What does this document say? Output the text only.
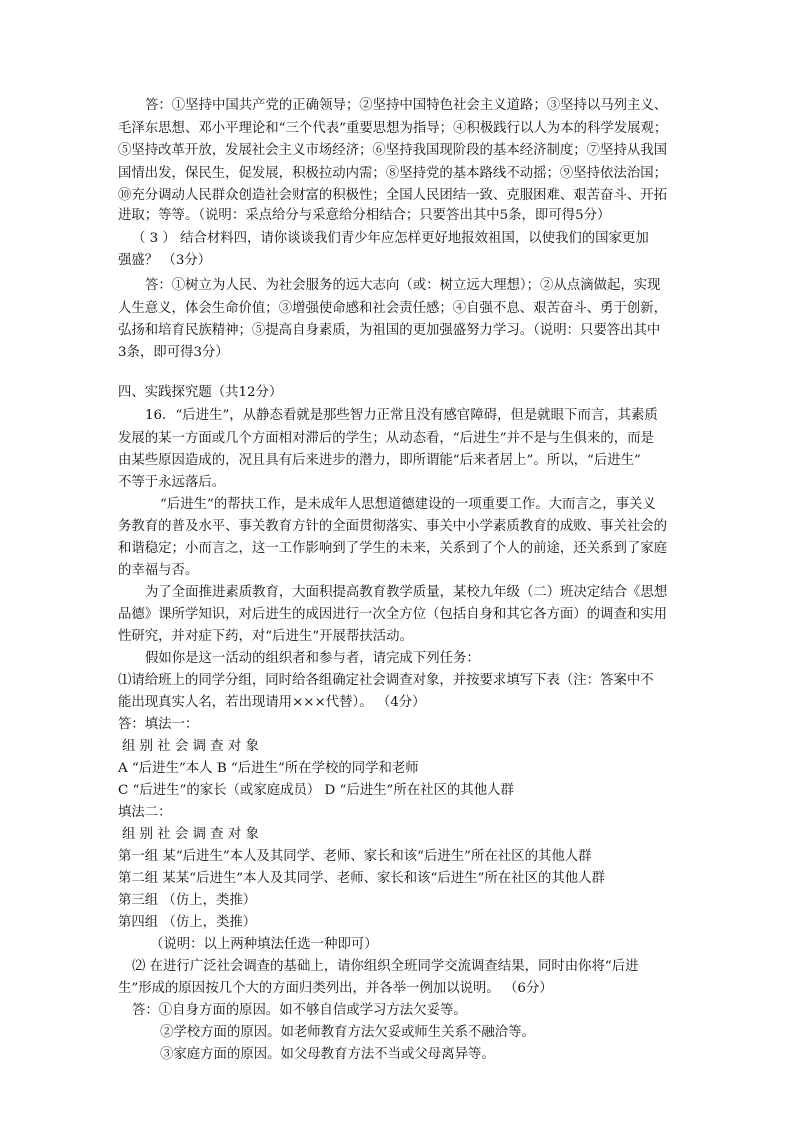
答：①坚持中国共产党的正确领导；②坚持中国特色社会主义道路；③坚持以马列主义、
毛泽东思想、邓小平理论和“三个代表”重要思想为指导；④积极践行以人为本的科学发展观；
⑤坚持改革开放，发展社会主义市场经济；⑥坚持我国现阶段的基本经济制度；⑦坚持从我国
国情出发，保民生，促发展，积极拉动内需；⑧坚持党的基本路线不动摇；⑨坚持依法治国；
⑩充分调动人民群众创造社会财富的积极性；全国人民团结一致、克服困难、艰苦奋斗、开拓
进取；等等。（说明：采点给分与采意给分相结合；只要答出其中5条，即可得5分）
（ 3 ） 结合材料四，请你谈谈我们青少年应怎样更好地报效祖国，以使我们的国家更加
强盛？ （3分）
答：①树立为人民、为社会服务的远大志向（或：树立远大理想）；②从点滴做起，实现
人生意义，体会生命价值；③增强使命感和社会责任感；④自强不息、艰苦奋斗、勇于创新，
弘扬和培育民族精神；⑤提高自身素质，为祖国的更加强盛努力学习。（说明：只要答出其中
3条，即可得3分）
四、实践探究题（共12分）
16．“后进生”，从静态看就是那些智力正常且没有感官障碍，但是就眼下而言，其素质
发展的某一方面或几个方面相对滞后的学生；从动态看，“后进生”并不是与生俱来的，而是
由某些原因造成的，况且具有后来进步的潜力，即所谓能“后来者居上”。所以，“后进生”
不等于永远落后。
“后进生”的帮扶工作，是未成年人思想道德建设的一项重要工作。大而言之，事关义
务教育的普及水平、事关教育方针的全面贯彻落实、事关中小学素质教育的成败、事关社会的
和谐稳定；小而言之，这一工作影响到了学生的未来，关系到了个人的前途，还关系到了家庭
的幸福与否。
为了全面推进素质教育，大面积提高教育教学质量，某校九年级（二）班决定结合《思想
品德》课所学知识，对后进生的成因进行一次全方位（包括自身和其它各方面）的调查和实用
性研究，并对症下药，对“后进生”开展帮扶活动。
假如你是这一活动的组织者和参与者，请完成下列任务：
⑴请给班上的同学分组，同时给各组确定社会调查对象，并按要求填写下表（注：答案中不
能出现真实人名，若出现请用×××代替）。 （4分）
答：填法一：
组 别 社 会 调 查 对 象
A “后进生”本人 B “后进生”所在学校的同学和老师
C “后进生”的家长（或家庭成员） D “后进生”所在社区的其他人群
填法二：
组 别 社 会 调 查 对 象
第一组 某“后进生”本人及其同学、老师、家长和该“后进生”所在社区的其他人群
第二组 某某“后进生”本人及其同学、老师、家长和该“后进生”所在社区的其他人群
第三组 （仿上，类推）
第四组 （仿上，类推）
（说明：以上两种填法任选一种即可）
⑵ 在进行广泛社会调查的基础上，请你组织全班同学交流调查结果，同时由你将“后进
生”形成的原因按几个大的方面归类列出，并各举一例加以说明。 （6分）
答：①自身方面的原因。如不够自信或学习方法欠妥等。
②学校方面的原因。如老师教育方法欠妥或师生关系不融洽等。
③家庭方面的原因。如父母教育方法不当或父母离异等。
